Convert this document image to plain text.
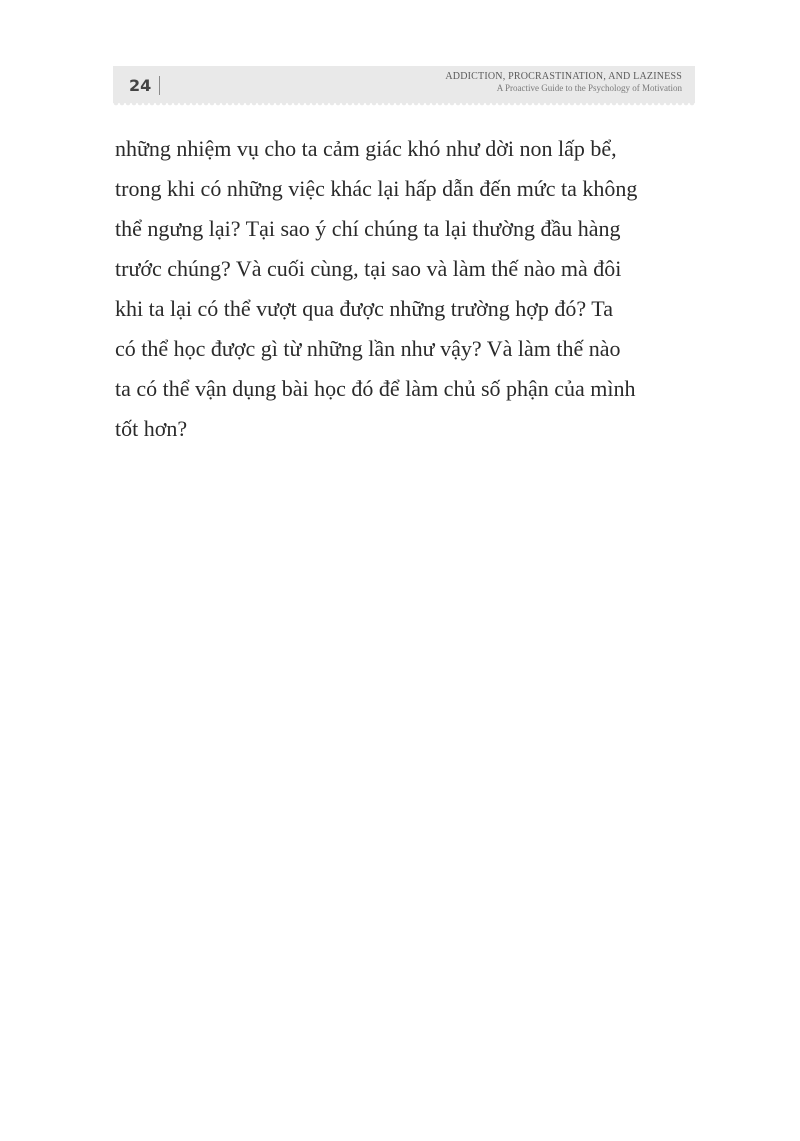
24	ADDICTION, PROCRASTINATION, AND LAZINESS
A Proactive Guide to the Psychology of Motivation

những nhiệm vụ cho ta cảm giác khó như dời non lấp bể,
trong khi có những việc khác lại hấp dẫn đến mức ta không
thể ngưng lại? Tại sao ý chí chúng ta lại thường đầu hàng
trước chúng? Và cuối cùng, tại sao và làm thế nào mà đôi
khi ta lại có thể vượt qua được những trường hợp đó? Ta
có thể học được gì từ những lần như vậy? Và làm thế nào
ta có thể vận dụng bài học đó để làm chủ số phận của mình
tốt hơn?
